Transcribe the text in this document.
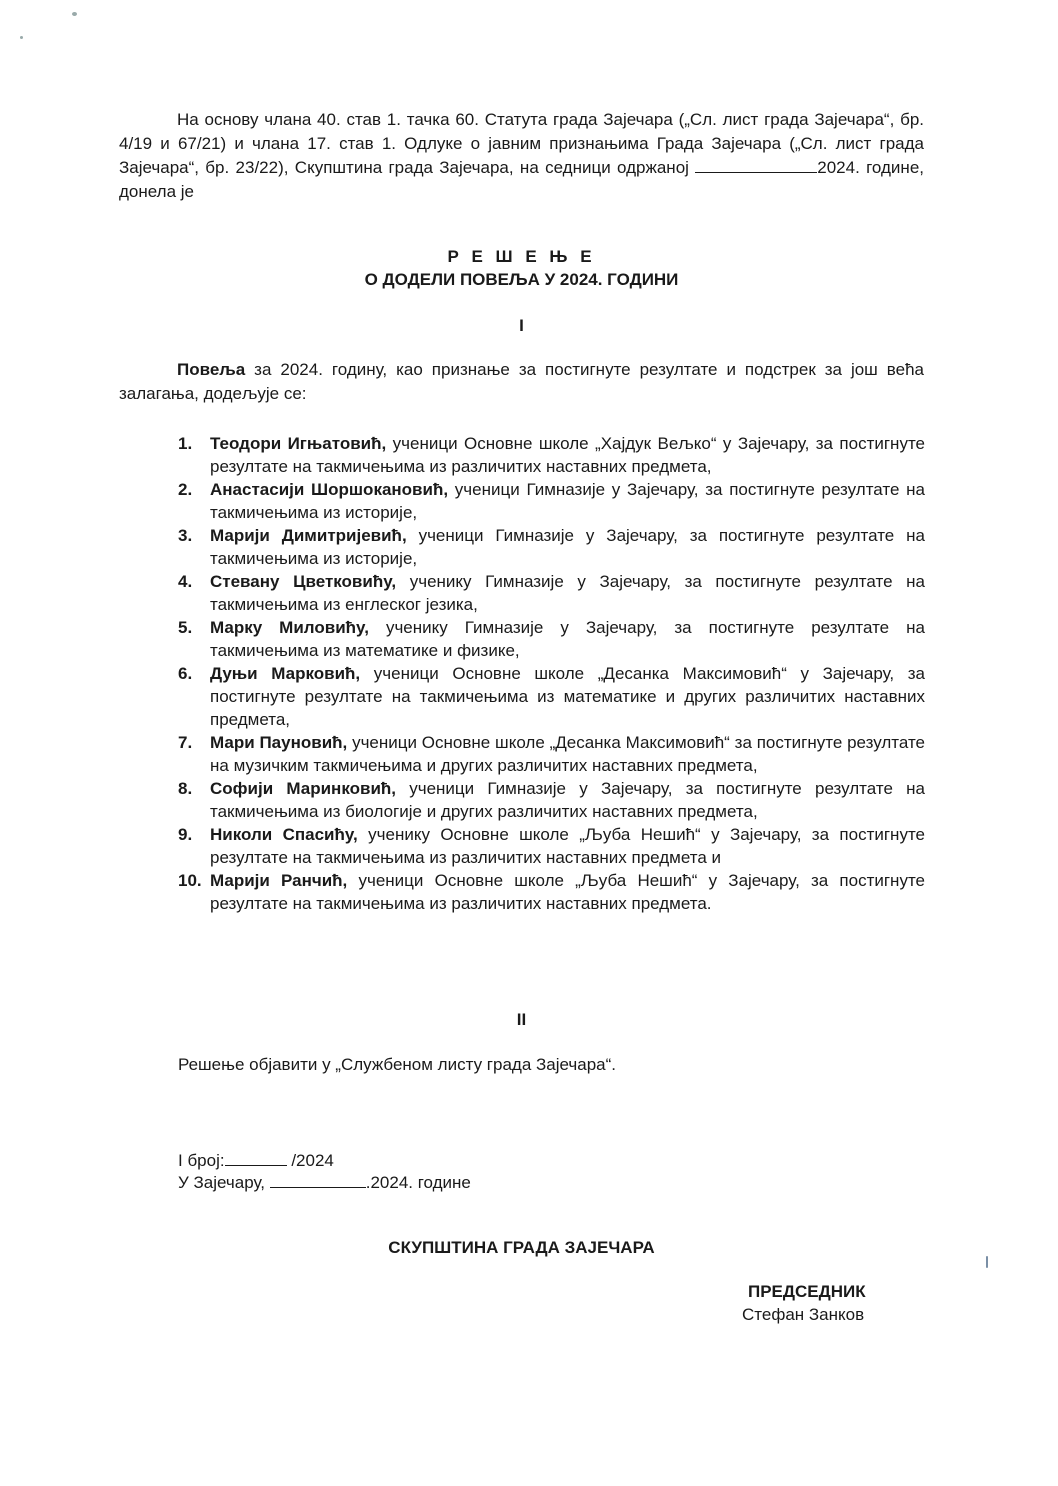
На основу члана 40. став 1. тачка 60. Статута града Зајечара („Сл. лист града Зајечара“, бр. 4/19 и 67/21) и члана 17. став 1. Одлуке о јавним признањима Града Зајечара („Сл. лист града Зајечара“, бр. 23/22), Скупштина града Зајечара, на седници одржаној	2024. године, донела је
Р Е Ш Е Њ Е
О ДОДЕЛИ ПОВЕЉА У 2024. ГОДИНИ
I
Повеља за 2024. годину, као признање за постигнуте резултате и подстрек за још већа залагања, додељује се:
1. Теодори Игњатовић, ученици Основне школе „Хајдук Вељко“ у Зајечару, за постигнуте резултате на такмичењима из различитих наставних предмета,
2. Анастасији Шоршокановић, ученици Гимназије у Зајечару, за постигнуте резултате на такмичењима из историје,
3. Марији Димитријевић, ученици Гимназије у Зајечару, за постигнуте резултате на такмичењима из историје,
4. Стевану Цветковићу, ученику Гимназије у Зајечару, за постигнуте резултате на такмичењима из енглеског језика,
5. Марку Миловићу, ученику Гимназије у Зајечару, за постигнуте резултате на такмичењима из математике и физике,
6. Дуњи Марковић, ученици Основне школе „Десанка Максимовић“ у Зајечару, за постигнуте резултате на такмичењима из математике и других различитих наставних предмета,
7. Мари Пауновић, ученици Основне школе „Десанка Максимовић“ за постигнуте резултате на музичким такмичењима и других различитих наставних предмета,
8. Софији Маринковић, ученици Гимназије у Зајечару, за постигнуте резултате на такмичењима из биологије и других различитих наставних предмета,
9. Николи Спасићу, ученику Основне школе „Љуба Нешић“ у Зајечару, за постигнуте резултате на такмичењима из различитих наставних предмета и
10. Марији Ранчић, ученици Основне школе „Љуба Нешић“ у Зајечару, за постигнуте резултате на такмичењима из различитих наставних предмета.
II
Решење објавити у „Службеном листу града Зајечара“.
I број:	/2024
У Зајечару,	.2024. године
СКУПШТИНА ГРАДА ЗАЈЕЧАРА
ПРЕДСЕДНИК
Стефан Занков
